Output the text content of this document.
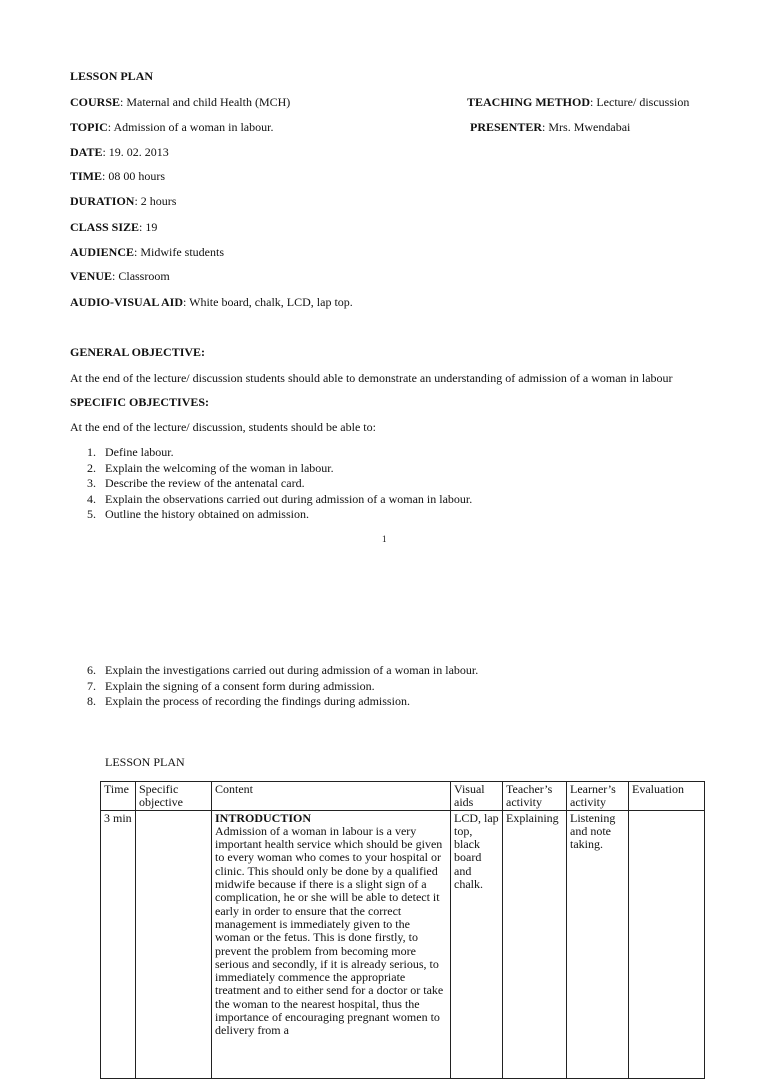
LESSON PLAN
COURSE: Maternal and child Health (MCH)	TEACHING METHOD: Lecture/ discussion
TOPIC: Admission of a woman in labour.	PRESENTER: Mrs. Mwendabai
DATE: 19. 02. 2013
TIME: 08 00 hours
DURATION: 2 hours
CLASS SIZE: 19
AUDIENCE: Midwife students
VENUE: Classroom
AUDIO-VISUAL AID: White board, chalk, LCD, lap top.
GENERAL OBJECTIVE:
At the end of the lecture/ discussion students should able to demonstrate an understanding of admission of a woman in labour
SPECIFIC OBJECTIVES:
At the end of the lecture/ discussion, students should be able to:
1. Define labour.
2. Explain the welcoming of the woman in labour.
3. Describe the review of the antenatal card.
4. Explain the observations carried out during admission of a woman in labour.
5. Outline the history obtained on admission.
1
6. Explain the investigations carried out during admission of a woman in labour.
7. Explain the signing of a consent form during admission.
8. Explain the process of recording the findings during admission.
LESSON PLAN
Time	Specific objective	Content	Visual aids	Teacher’s activity	Learner’s activity	Evaluation
3 min		INTRODUCTION
Admission of a woman in labour is a very important health service which should be given to every woman who comes to your hospital or clinic. This should only be done by a qualified midwife because if there is a slight sign of a complication, he or she will be able to detect it early in order to ensure that the correct management is immediately given to the woman or the fetus. This is done firstly, to prevent the problem from becoming more serious and secondly, if it is already serious, to immediately commence the appropriate treatment and to either send for a doctor or take the woman to the nearest hospital, thus the importance of encouraging pregnant women to delivery from a	LCD, lap top, black board and chalk.	Explaining	Listening and note taking.	
